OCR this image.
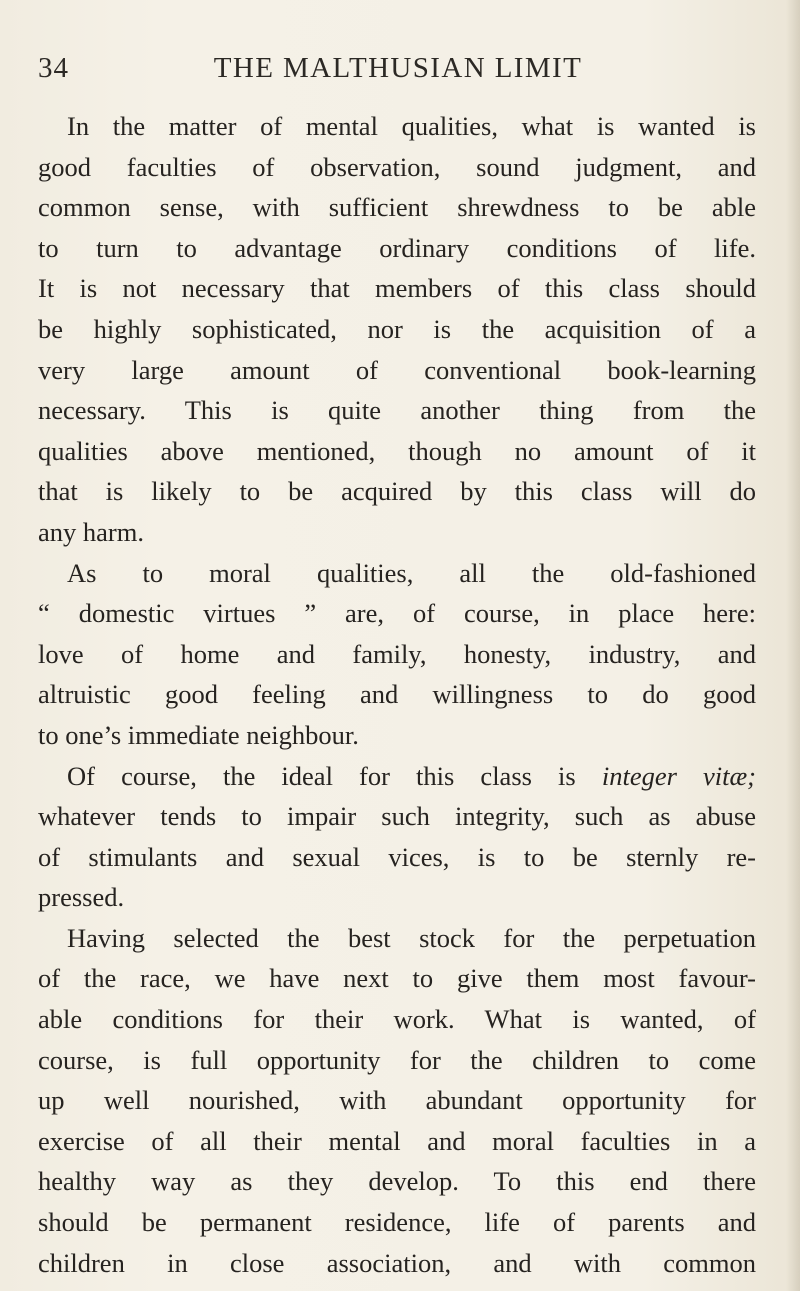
THE MALTHUSIAN LIMIT
34
In the matter of mental qualities, what is wanted is
good faculties of observation, sound judgment, and
common sense, with sufficient shrewdness to be able
to turn to advantage ordinary conditions of life.
It is not necessary that members of this class should
be highly sophisticated, nor is the acquisition of a
very large amount of conventional book-learning
necessary. This is quite another thing from the
qualities above mentioned, though no amount of it
that is likely to be acquired by this class will do
any harm.
As to moral qualities, all the old-fashioned
“ domestic virtues ” are, of course, in place here:
love of home and family, honesty, industry, and
altruistic good feeling and willingness to do good
to one’s immediate neighbour.
Of course, the ideal for this class is integer vitæ;
whatever tends to impair such integrity, such as abuse
of stimulants and sexual vices, is to be sternly re-
pressed.
Having selected the best stock for the perpetuation
of the race, we have next to give them most favour-
able conditions for their work. What is wanted, of
course, is full opportunity for the children to come
up well nourished, with abundant opportunity for
exercise of all their mental and moral faculties in a
healthy way as they develop. To this end there
should be permanent residence, life of parents and
children in close association, and with common
